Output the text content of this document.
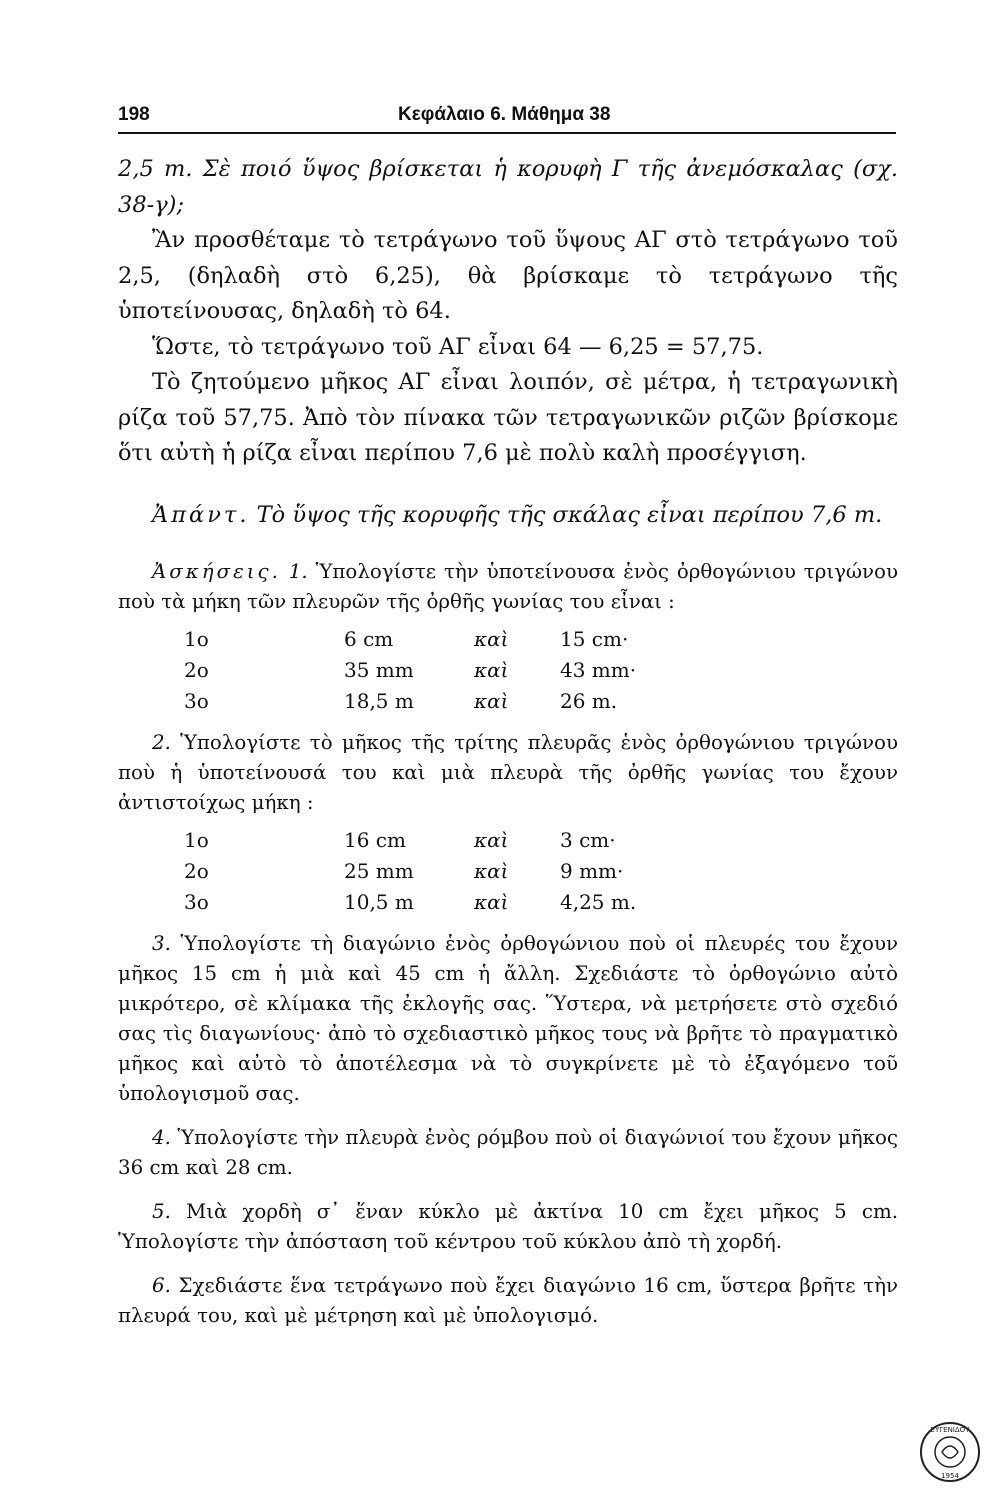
198	Κεφάλαιο 6. Μάθημα 38

2,5 m. Σὲ ποιό ὕψος βρίσκεται ἡ κορυφὴ Γ τῆς ἀνεμόσκαλας (σχ. 38-γ);

Ἂν προσθέταμε τὸ τετράγωνο τοῦ ὕψους ΑΓ στὸ τετράγωνο τοῦ 2,5, (δηλαδὴ στὸ 6,25), θὰ βρίσκαμε τὸ τετράγωνο τῆς ὑποτείνουσας, δηλαδὴ τὸ 64.

Ὥστε, τὸ τετράγωνο τοῦ ΑΓ εἶναι 64 — 6,25 = 57,75.

Τὸ ζητούμενο μῆκος ΑΓ εἶναι λοιπόν, σὲ μέτρα, ἡ τετραγωνικὴ ρίζα τοῦ 57,75. Ἀπὸ τὸν πίνακα τῶν τετραγωνικῶν ριζῶν βρίσκομε ὅτι αὐτὴ ἡ ρίζα εἶναι περίπου 7,6 μὲ πολὺ καλὴ προσέγγιση.

Ἀπάντ. Τὸ ὕψος τῆς κορυφῆς τῆς σκάλας εἶναι περίπου 7,6 m.

Ἀσκήσεις. 1. Ὑπολογίστε τὴν ὑποτείνουσα ἑνὸς ὀρθογώνιου τριγώνου ποὺ τὰ μήκη τῶν πλευρῶν τῆς ὀρθῆς γωνίας του εἶναι :
1ο	6 cm	καὶ	15 cm·
2ο	35 mm	καὶ	43 mm·
3ο	18,5 m	καὶ	26 m.
2. Ὑπολογίστε τὸ μῆκος τῆς τρίτης πλευρᾶς ἑνὸς ὀρθογώνιου τριγώνου ποὺ ἡ ὑποτείνουσά του καὶ μιὰ πλευρὰ τῆς ὀρθῆς γωνίας του ἔχουν ἀντιστοίχως μήκη :
1ο	16 cm	καὶ	3 cm·
2ο	25 mm	καὶ	9 mm·
3ο	10,5 m	καὶ	4,25 m.
3. Ὑπολογίστε τὴ διαγώνιο ἑνὸς ὀρθογώνιου ποὺ οἱ πλευρές του ἔχουν μῆκος 15 cm ἡ μιὰ καὶ 45 cm ἡ ἄλλη. Σχεδιάστε τὸ ὀρθογώνιο αὐτὸ μικρότερο, σὲ κλίμακα τῆς ἐκλογῆς σας. Ὕστερα, νὰ μετρήσετε στὸ σχεδιό σας τὶς διαγωνίους· ἀπὸ τὸ σχεδιαστικὸ μῆκος τους νὰ βρῆτε τὸ πραγματικὸ μῆκος καὶ αὐτὸ τὸ ἀποτέλεσμα νὰ τὸ συγκρίνετε μὲ τὸ ἐξαγόμενο τοῦ ὑπολογισμοῦ σας.
4. Ὑπολογίστε τὴν πλευρὰ ἑνὸς ρόμβου ποὺ οἱ διαγώνιοί του ἔχουν μῆκος 36 cm καὶ 28 cm.
5. Μιὰ χορδὴ σ᾽ ἕναν κύκλο μὲ ἀκτίνα 10 cm ἔχει μῆκος 5 cm. Ὑπολογίστε τὴν ἀπόσταση τοῦ κέντρου τοῦ κύκλου ἀπὸ τὴ χορδή.
6. Σχεδιάστε ἕνα τετράγωνο ποὺ ἔχει διαγώνιο 16 cm, ὕστερα βρῆτε τὴν πλευρά του, καὶ μὲ μέτρηση καὶ μὲ ὑπολογισμό.
ΕΥΓΕΝΙΔΟΥ
1954
